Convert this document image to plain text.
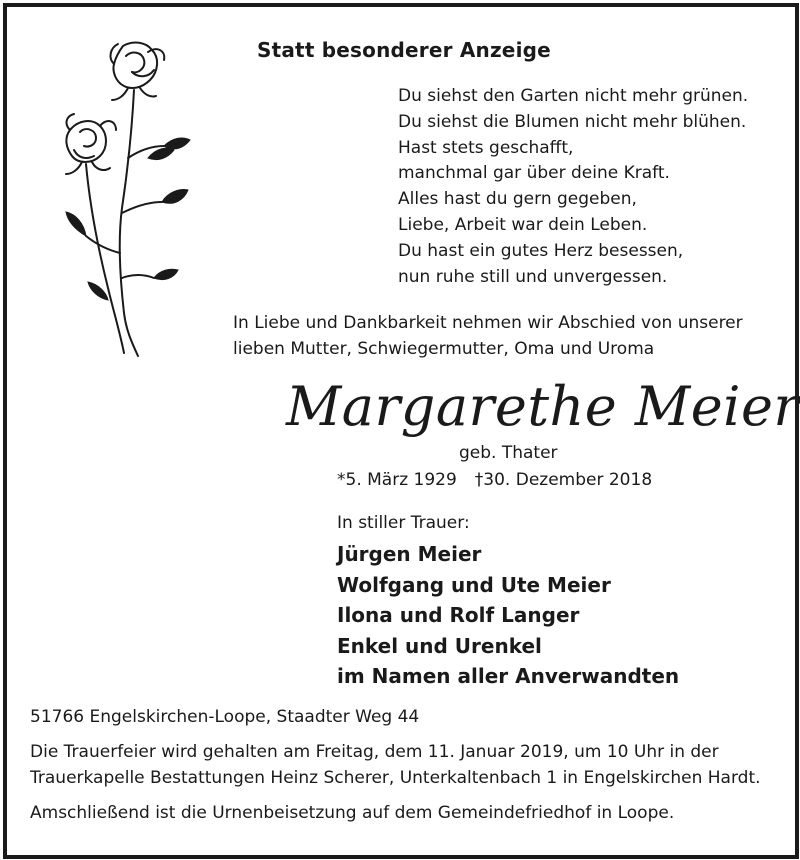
Statt besonderer Anzeige
Du siehst den Garten nicht mehr grünen.
Du siehst die Blumen nicht mehr blühen.
Hast stets geschafft,
manchmal gar über deine Kraft.
Alles hast du gern gegeben,
Liebe, Arbeit war dein Leben.
Du hast ein gutes Herz besessen,
nun ruhe still und unvergessen.
In Liebe und Dankbarkeit nehmen wir Abschied von unserer
lieben Mutter, Schwiegermutter, Oma und Uroma
Margarethe Meier
geb. Thater
*5. März 1929 †30. Dezember 2018
In stiller Trauer:
Jürgen Meier
Wolfgang und Ute Meier
Ilona und Rolf Langer
Enkel und Urenkel
im Namen aller Anverwandten
51766 Engelskirchen-Loope, Staadter Weg 44
Die Trauerfeier wird gehalten am Freitag, dem 11. Januar 2019, um 10 Uhr in der
Trauerkapelle Bestattungen Heinz Scherer, Unterkaltenbach 1 in Engelskirchen Hardt.
Amschließend ist die Urnenbeisetzung auf dem Gemeindefriedhof in Loope.
